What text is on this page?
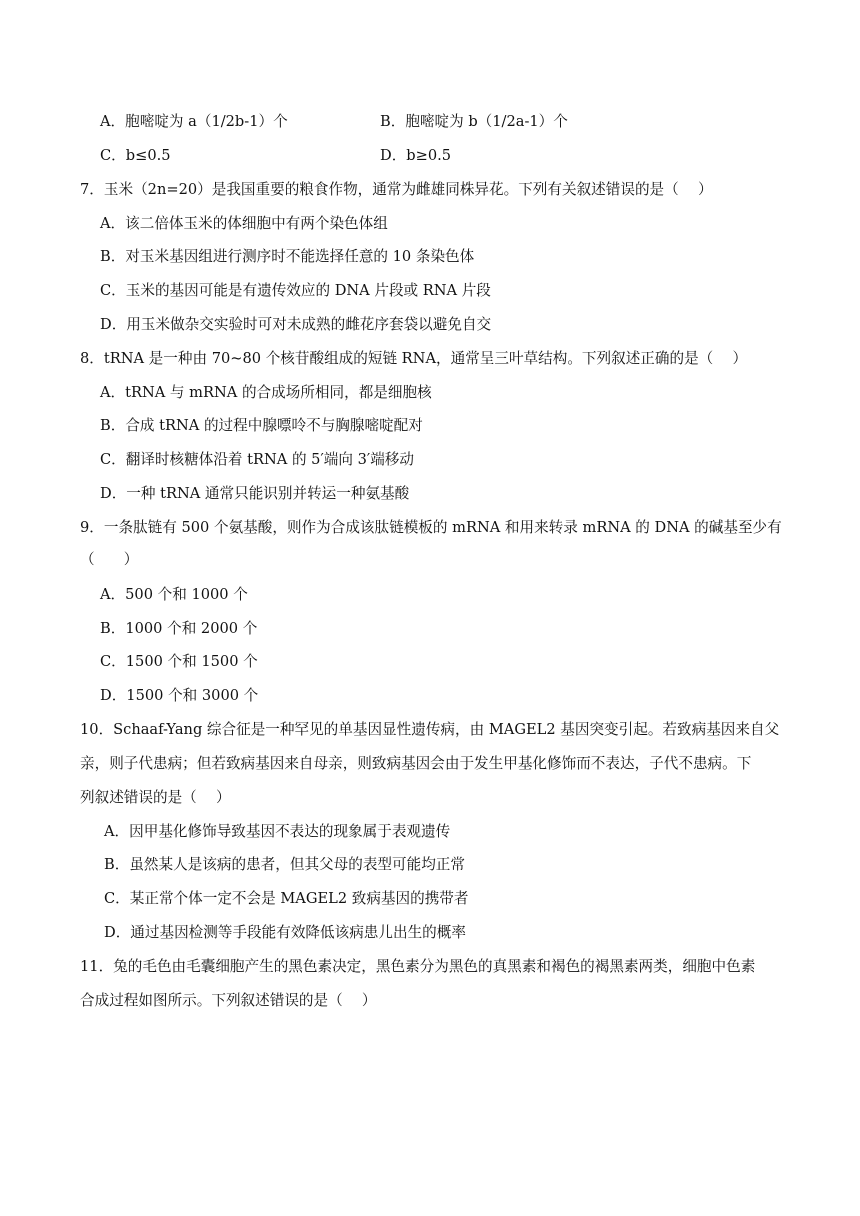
A．胞嘧啶为 a（1/2b-1）个	B．胞嘧啶为 b（1/2a-1）个
C．b≤0.5	D．b≥0.5
7．玉米（2n=20）是我国重要的粮食作物，通常为雌雄同株异花。下列有关叙述错误的是（　 ）
A．该二倍体玉米的体细胞中有两个染色体组
B．对玉米基因组进行测序时不能选择任意的 10 条染色体
C．玉米的基因可能是有遗传效应的 DNA 片段或 RNA 片段
D．用玉米做杂交实验时可对未成熟的雌花序套袋以避免自交
8．tRNA 是一种由 70~80 个核苷酸组成的短链 RNA，通常呈三叶草结构。下列叙述正确的是（　 ）
A．tRNA 与 mRNA 的合成场所相同，都是细胞核
B．合成 tRNA 的过程中腺嘌呤不与胸腺嘧啶配对
C．翻译时核糖体沿着 tRNA 的 5′端向 3′端移动
D．一种 tRNA 通常只能识别并转运一种氨基酸
9．一条肽链有 500 个氨基酸，则作为合成该肽链模板的 mRNA 和用来转录 mRNA 的 DNA 的碱基至少有
（　　）
A．500 个和 1000 个
B．1000 个和 2000 个
C．1500 个和 1500 个
D．1500 个和 3000 个
10．Schaaf-Yang 综合征是一种罕见的单基因显性遗传病，由 MAGEL2 基因突变引起。若致病基因来自父
亲，则子代患病；但若致病基因来自母亲，则致病基因会由于发生甲基化修饰而不表达，子代不患病。下
列叙述错误的是（　 ）
A．因甲基化修饰导致基因不表达的现象属于表观遗传
B．虽然某人是该病的患者，但其父母的表型可能均正常
C．某正常个体一定不会是 MAGEL2 致病基因的携带者
D．通过基因检测等手段能有效降低该病患儿出生的概率
11．兔的毛色由毛囊细胞产生的黑色素决定，黑色素分为黑色的真黑素和褐色的褐黑素两类，细胞中色素
合成过程如图所示。下列叙述错误的是（　 ）
